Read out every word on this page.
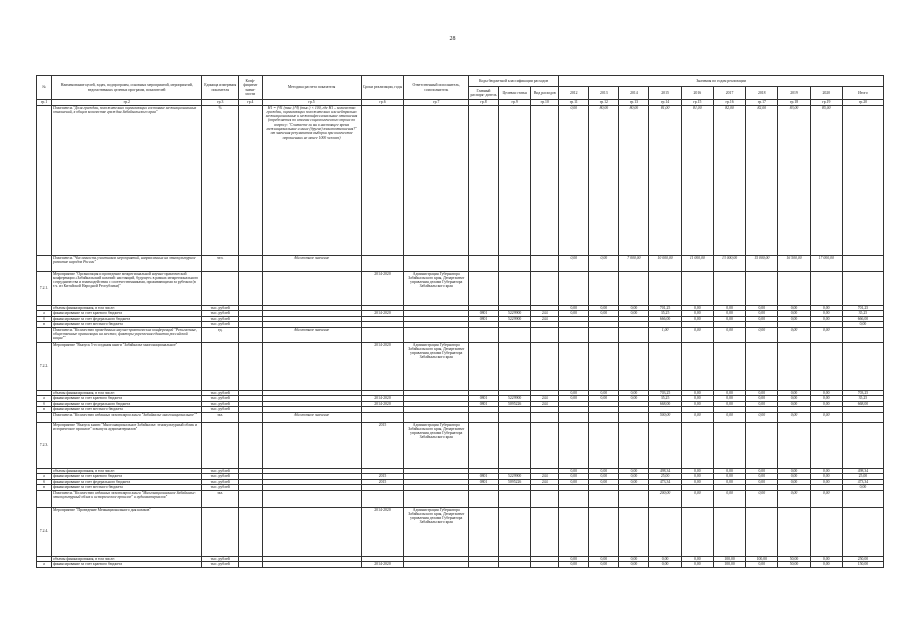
28
№	Наименование целей, задач, подпрограмм, основных мероприятий, мероприятий, ведомственных целевых программ, показателей	Единица измерения показателя	Коэф- фициент значи- мости	Методика расчета показателя	Сроки реализации, годы	Ответственный исполнитель, соисполнитель	Коды бюджетной классификации расходов			Значения по годам реализации									
							Главный распоря- дитель	Целевая статья	Вид расходов	2012	2013	2014	2015	2016	2017	2018	2019	2020	Итого
гр.1	гр.2	гр.3	гр.4	гр.5	гр.6	гр.7	гр.8	гр.9	гр.10	гр.11	гр.12	гр.13	гр.14	гр.15	гр.16	гр.17	гр.18	гр.19	гр.20
	Показатель "Доля граждан, положительно оценивающих состояние межнациональных отношений, в общем количестве граждан Забайкальского края"	%		Н1 = (Ч1 (тыс.)/Ч) (тыс.) × 100, где Н1 – количество граждан, оценивающих положительно или нейтрально межнациональные и межконфессиональные отношения (определяется по итогам социологического опроса по вопросу: "Считаете ли вы в настоящее время межнациональные и иные (другие) взаимоотношения?" от значения результатов выборки при количестве опрошенных не менее 1000 человек)						0,00	80,00	80,00	81,00	81,00	82,00	82,00	83,00	85,00	
	Показатель "Численность участников мероприятий, направленных на этнокультурное развитие народов России"	чел.		Абсолютное значение						0,00	0,00	7 000,00	10 000,00	11 000,00	13 000,00	15 000,00	16 500,00	17 000,00	
7.2.1.	Мероприятие "Организация и проведение межрегиональной научно-практической конференции «Забайкальский казачий: настоящий, будущее» в рамках межрегионального сотрудничества и взаимодействия с соотечественниками, проживающими за рубежом (в т.ч. из Китайской Народной Республики)"				2014-2020	Администрация Губернатора Забайкальского края, Департамент управления делами Губернатора Забайкальского края													
	объемы финансирования, в том числе:	тыс. рублей								0,00	0,00	0,00	701,25	0,00	0,00	0,00	0,00	0,00	701,25
а	финансирование за счет краевого бюджета	тыс. рублей			2014-2020		0801	5229900	244	0,00	0,00	0,00	35,25	0,00	0,00	0,00	0,00	0,00	35,25
б	финансирование за счет федерального бюджета	тыс. рублей					0801	5229900	244				666,00	0,00	0,00	0,00	0,00	0,00	666,00
в	финансирование за счет местного бюджета	тыс. рублей																	0,00
	Показатель "Количество проведенных научно-практических конференций "Религиозные, общественные организации на местах; факторы укрепления единства российской нации""	ед.		Абсолютное значение									1,00	0,00	0,00	0,00	0,00	0,00	
7.2.2.	Мероприятие "Выпуск 5-го издания книги "Забайкалье многонациональное"				2014-2020	Администрация Губернатора Забайкальского края, Департамент управления делами Губернатора Забайкальского края													
	объемы финансирования, в том числе:	тыс. рублей								0,00	0,00	0,00	703,25	0,00	0,00	0,00	0,00	0,00	703,25
а	финансирование за счет краевого бюджета	тыс. рублей			2014-2020		0801	5229900	244	0,00	0,00	0,00	35,25	0,00	0,00	0,00	0,00	0,00	35,25
б	финансирование за счет федерального бюджета	тыс. рублей			2014-2020		0801	5095226	244				668,00	0,00	0,00	0,00	0,00	0,00	668,00
в	финансирование за счет местного бюджета	тыс. рублей																	
	Показатель "Количество изданных экземпляров книги "Забайкалье многонациональное""	экз.		Абсолютное значение									500,00	0,00	0,00	0,00	0,00	0,00	
7.2.3.	Мероприятие "Выпуск книги "Многонациональное Забайкалье: этнокультурный облик и историческое прошлое" и выпуск аудиоматериалов"				2015	Администрация Губернатора Забайкальского края, Департамент управления делами Губернатора Забайкальского края													
	объемы финансирования, в том числе:	тыс. рублей								0,00	0,00	0,00	498,34	0,00	0,00	0,00	0,00	0,00	498,34
а	финансирование за счет краевого бюджета	тыс. рублей			2015		0801	5229900	244	0,00	0,00	0,00	25,00	0,00	0,00	0,00	0,00	0,00	25,00
б	финансирование за счет федерального бюджета	тыс. рублей			2015		0801	5095226	244	0,00	0,00	0,00	473,34	0,00	0,00	0,00	0,00	0,00	473,34
в	финансирование за счет местного бюджета	тыс. рублей																	0,00
	Показатель "Количество изданных экземпляров книги "Многонациональное Забайкалье: этнокультурный облик и историческое прошлое" и аудиоматериалов"	экз.											200,00	0,00	0,00	0,00	0,00	0,00	
7.2.4.	Мероприятие "Проведение Межнационального дня казаков"				2014-2020	Администрация Губернатора Забайкальского края, Департамент управления делами Губернатора Забайкальского края													
	объемы финансирования, в том числе:	тыс. рублей								0,00	0,00	0,00	0,00	0,00	100,00	100,00	50,00	0,00	250,00
а	финансирование за счет краевого бюджета	тыс. рублей			2014-2020					0,00	0,00	0,00	0,00	0,00	100,00	0,00	50,00	0,00	150,00
